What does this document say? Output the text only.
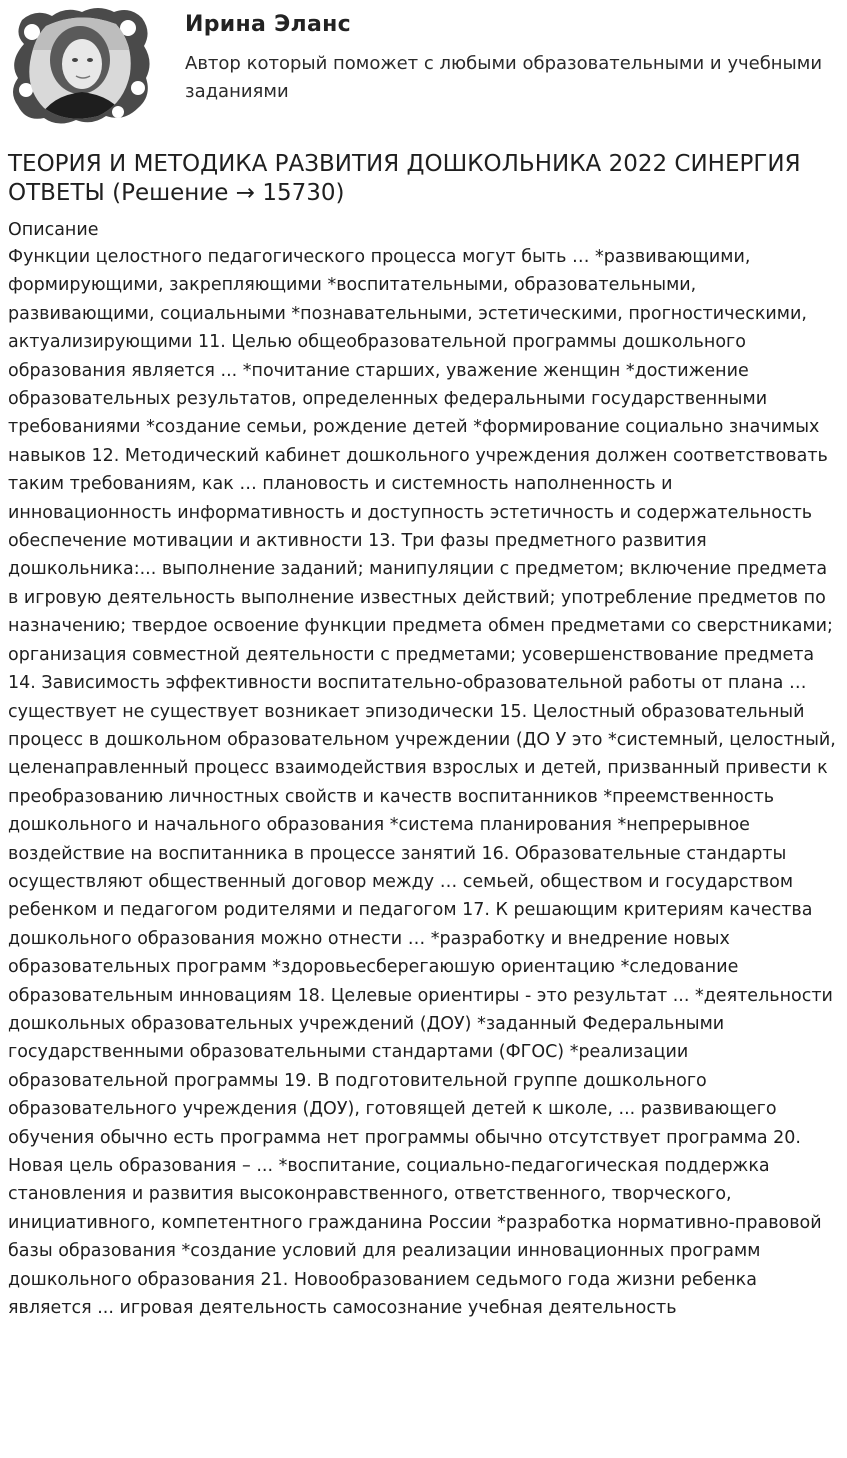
Ирина Эланс
Автор который поможет с любыми образовательными и учебными заданиями
ТЕОРИЯ И МЕТОДИКА РАЗВИТИЯ ДОШКОЛЬНИКА 2022 СИНЕРГИЯ ОТВЕТЫ (Решение → 15730)
Описание
Функции целостного педагогического процесса могут быть … *развивающими, формирующими, закрепляющими *воспитательными, образовательными, развивающими, социальными *познавательными, эстетическими, прогностическими, актуализирующими 11. Целью общеобразовательной программы дошкольного образования является ... *почитание старших, уважение женщин *достижение образовательных результатов, определенных федеральными государственными требованиями *создание семьи, рождение детей *формирование социально значимых навыков 12. Методический кабинет дошкольного учреждения должен соответствовать таким требованиям, как … плановость и системность наполненность и инновационность информативность и доступность эстетичность и содержательность обеспечение мотивации и активности 13. Три фазы предметного развития дошкольника:... выполнение заданий; манипуляции с предметом; включение предмета в игровую деятельность выполнение известных действий; употребление предметов по назначению; твердое освоение функции предмета обмен предметами со сверстниками; организация совместной деятельности с предметами; усовершенствование предмета 14. Зависимость эффективности воспитательно-образовательной работы от плана … существует не существует возникает эпизодически 15. Целостный образовательный процесс в дошкольном образовательном учреждении (ДО У это *системный, целостный, целенаправленный процесс взаимодействия взрослых и детей, призванный привести к преобразованию личностных свойств и качеств воспитанников *преемственность дошкольного и начального образования *система планирования *непрерывное воздействие на воспитанника в процессе занятий 16. Образовательные стандарты осуществляют общественный договор между … семьей, обществом и государством ребенком и педагогом родителями и педагогом 17. К решающим критериям качества дошкольного образования можно отнести … *разработку и внедрение новых образовательных программ *здоровьесберегаюшую ориентацию *следование образовательным инновациям 18. Целевые ориентиры - это результат ... *деятельности дошкольных образовательных учреждений (ДОУ) *заданный Федеральными государственными образовательными стандартами (ФГОС) *реализации образовательной программы 19. В подготовительной группе дошкольного образовательного учреждения (ДОУ), готовящей детей к школе, ... развивающего обучения обычно есть программа нет программы обычно отсутствует программа 20. Новая цель образования – ... *воспитание, социально-педагогическая поддержка становления и развития высоконравственного, ответственного, творческого, инициативного, компетентного гражданина России *разработка нормативно-правовой базы образования *создание условий для реализации инновационных программ дошкольного образования 21. Новообразованием седьмого года жизни ребенка является ... игровая деятельность самосознание учебная деятельность
